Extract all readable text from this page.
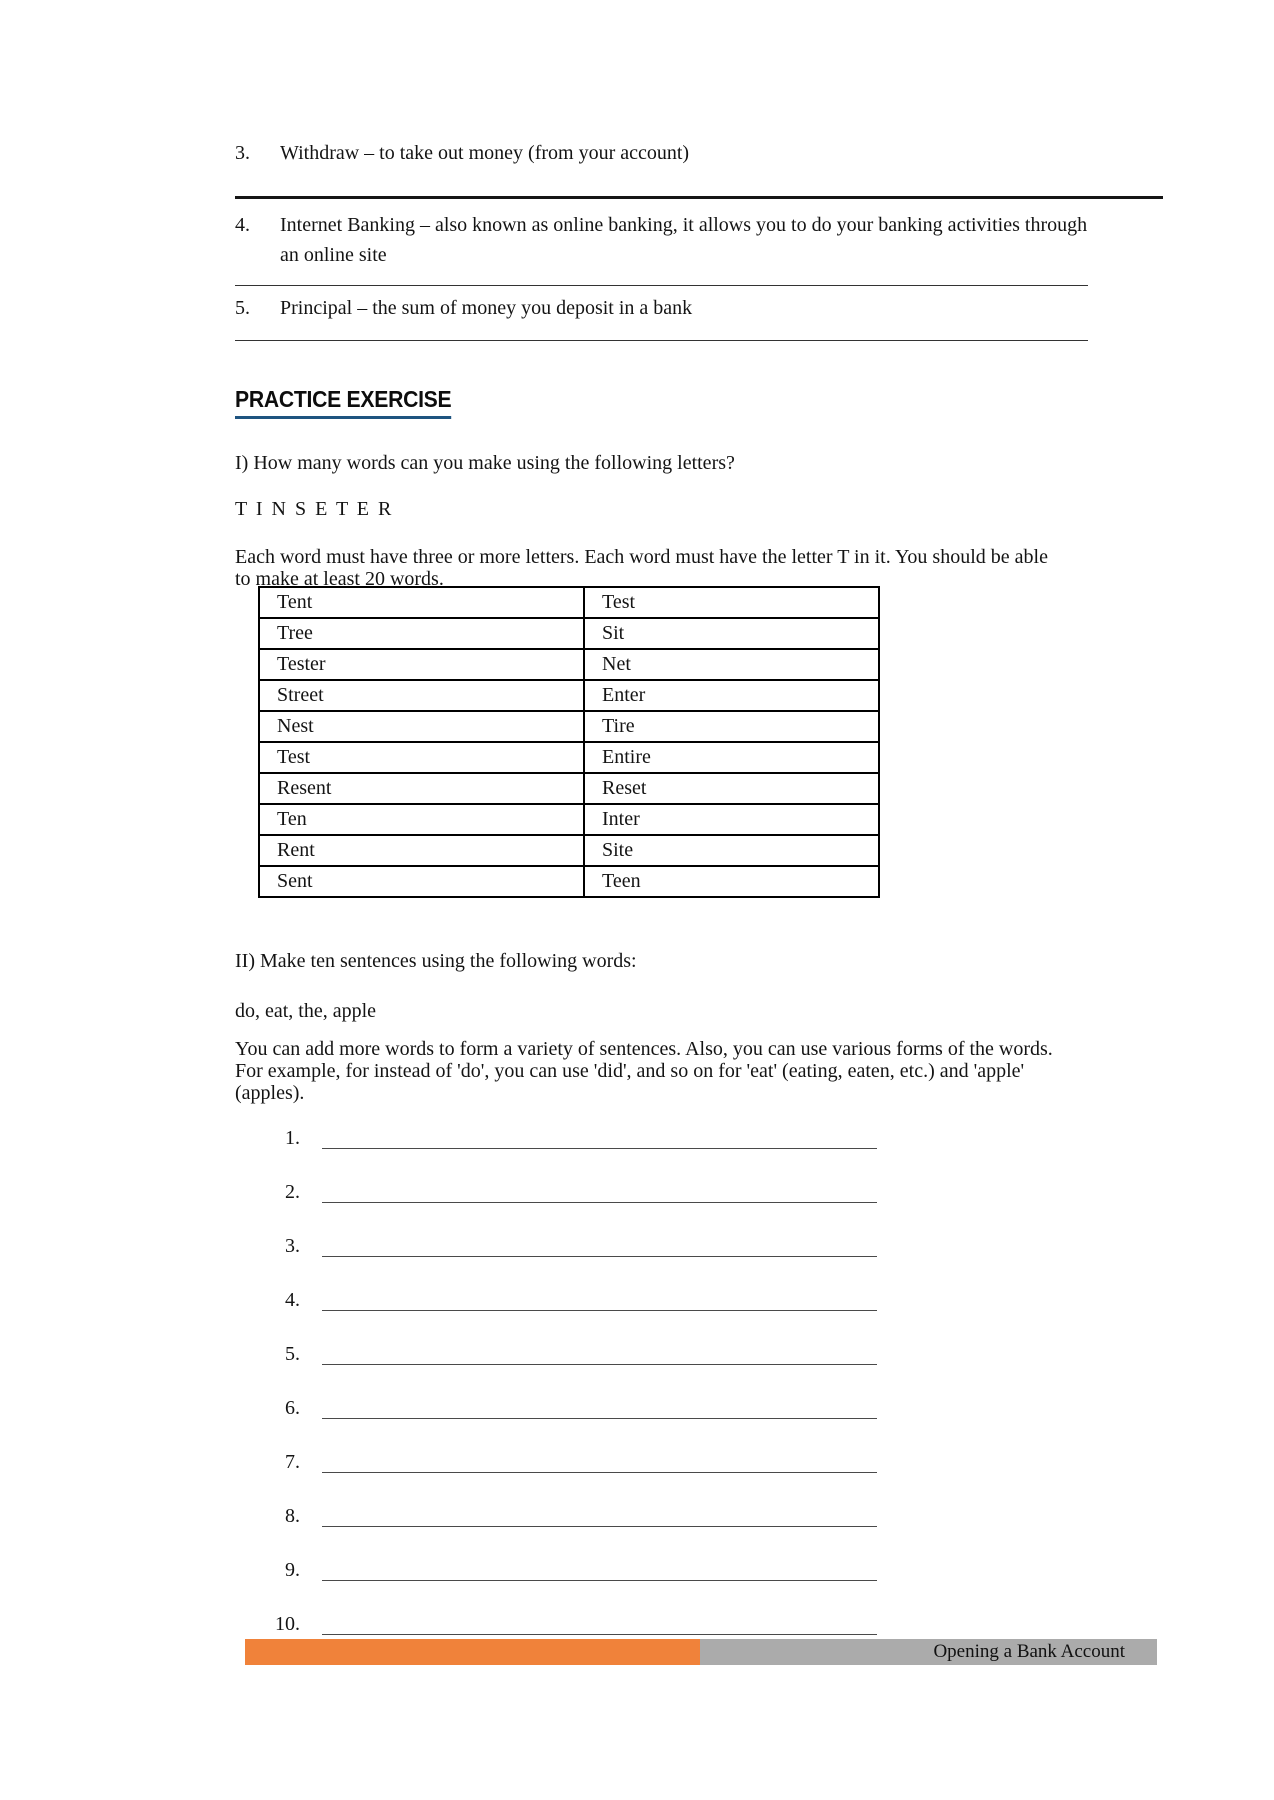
3.	Withdraw – to take out money (from your account)
4.	Internet Banking – also known as online banking, it allows you to do your banking activities through
an online site
5.	Principal – the sum of money you deposit in a bank
PRACTICE EXERCISE
I) How many words can you make using the following letters?
T I N S E T E R
Each word must have three or more letters. Each word must have the letter T in it. You should be able
to make at least 20 words.
Tent	Test
Tree	Sit
Tester	Net
Street	Enter
Nest	Tire
Test	Entire
Resent	Reset
Ten	Inter
Rent	Site
Sent	Teen
II) Make ten sentences using the following words:
do, eat, the, apple
You can add more words to form a variety of sentences. Also, you can use various forms of the words.
For example, for instead of 'do', you can use 'did', and so on for 'eat' (eating, eaten, etc.) and 'apple'
(apples).
1.
2.
3.
4.
5.
6.
7.
8.
9.
10.
Opening a Bank Account
